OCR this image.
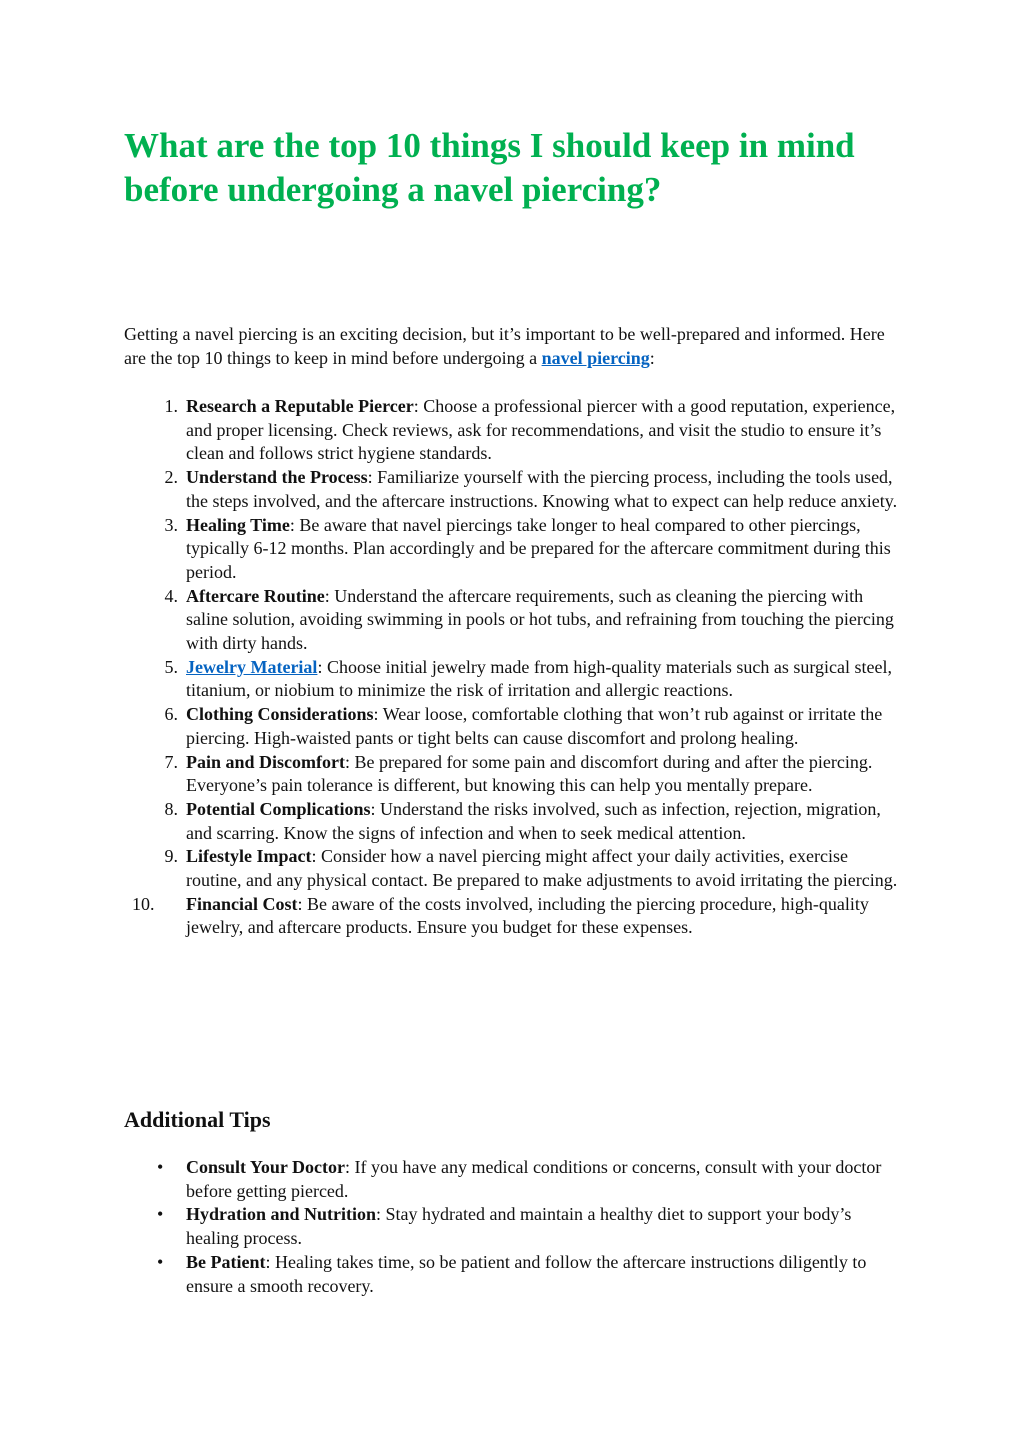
What are the top 10 things I should keep in mind before undergoing a navel piercing?

Getting a navel piercing is an exciting decision, but it’s important to be well-prepared and informed. Here are the top 10 things to keep in mind before undergoing a navel piercing:

1. Research a Reputable Piercer: Choose a professional piercer with a good reputation, experience, and proper licensing. Check reviews, ask for recommendations, and visit the studio to ensure it’s clean and follows strict hygiene standards.
2. Understand the Process: Familiarize yourself with the piercing process, including the tools used, the steps involved, and the aftercare instructions. Knowing what to expect can help reduce anxiety.
3. Healing Time: Be aware that navel piercings take longer to heal compared to other piercings, typically 6-12 months. Plan accordingly and be prepared for the aftercare commitment during this period.
4. Aftercare Routine: Understand the aftercare requirements, such as cleaning the piercing with saline solution, avoiding swimming in pools or hot tubs, and refraining from touching the piercing with dirty hands.
5. Jewelry Material: Choose initial jewelry made from high-quality materials such as surgical steel, titanium, or niobium to minimize the risk of irritation and allergic reactions.
6. Clothing Considerations: Wear loose, comfortable clothing that won’t rub against or irritate the piercing. High-waisted pants or tight belts can cause discomfort and prolong healing.
7. Pain and Discomfort: Be prepared for some pain and discomfort during and after the piercing. Everyone’s pain tolerance is different, but knowing this can help you mentally prepare.
8. Potential Complications: Understand the risks involved, such as infection, rejection, migration, and scarring. Know the signs of infection and when to seek medical attention.
9. Lifestyle Impact: Consider how a navel piercing might affect your daily activities, exercise routine, and any physical contact. Be prepared to make adjustments to avoid irritating the piercing.
10. Financial Cost: Be aware of the costs involved, including the piercing procedure, high-quality jewelry, and aftercare products. Ensure you budget for these expenses.
Additional Tips
• Consult Your Doctor: If you have any medical conditions or concerns, consult with your doctor before getting pierced.
• Hydration and Nutrition: Stay hydrated and maintain a healthy diet to support your body’s healing process.
• Be Patient: Healing takes time, so be patient and follow the aftercare instructions diligently to ensure a smooth recovery.
